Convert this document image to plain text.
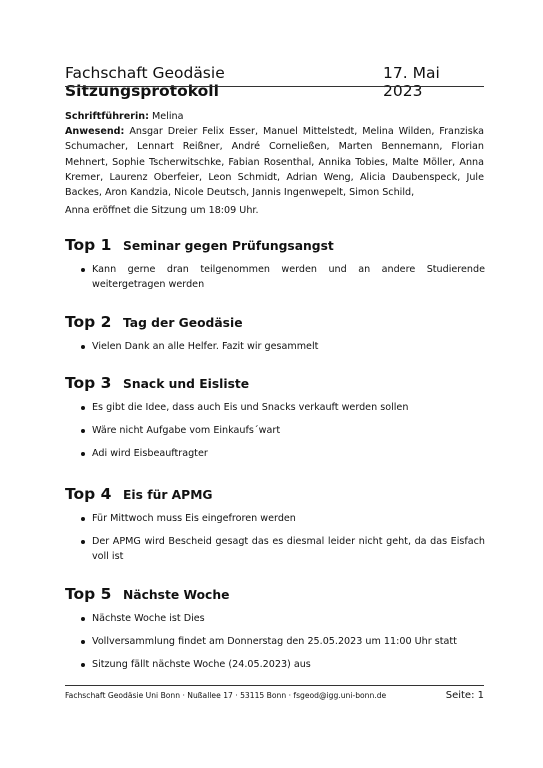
Fachschaft Geodäsie Sitzungsprotokoll
17. Mai 2023
Schriftführerin: Melina
Anwesend: Ansgar Dreier Felix Esser, Manuel Mittelstedt, Melina Wilden, Franziska Schumacher, Lennart Reißner, André Corneließen, Marten Bennemann, Florian Mehnert, Sophie Tscherwitschke, Fabian Rosenthal, Annika Tobies, Malte Möller, Anna Kremer, Laurenz Oberfeier, Leon Schmidt, Adrian Weng, Alicia Daubenspeck, Jule Backes, Aron Kandzia, Nicole Deutsch, Jannis Ingenwepelt, Simon Schild,
Anna eröffnet die Sitzung um 18:09 Uhr.
Top 1 Seminar gegen Prüfungsangst
Kann gerne dran teilgenommen werden und an andere Studierende weitergetragen werden
Top 2 Tag der Geodäsie
Vielen Dank an alle Helfer. Fazit wir gesammelt
Top 3 Snack und Eisliste
Es gibt die Idee, dass auch Eis und Snacks verkauft werden sollen
Wäre nicht Aufgabe vom Einkaufs´wart
Adi wird Eisbeauftragter
Top 4 Eis für APMG
Für Mittwoch muss Eis eingefroren werden
Der APMG wird Bescheid gesagt das es diesmal leider nicht geht, da das Eisfach voll ist
Top 5 Nächste Woche
Nächste Woche ist Dies
Vollversammlung findet am Donnerstag den 25.05.2023 um 11:00 Uhr statt
Sitzung fällt nächste Woche (24.05.2023) aus
Fachschaft Geodäsie Uni Bonn · Nußallee 17 · 53115 Bonn · fsgeod@igg.uni-bonn.de	Seite: 1
